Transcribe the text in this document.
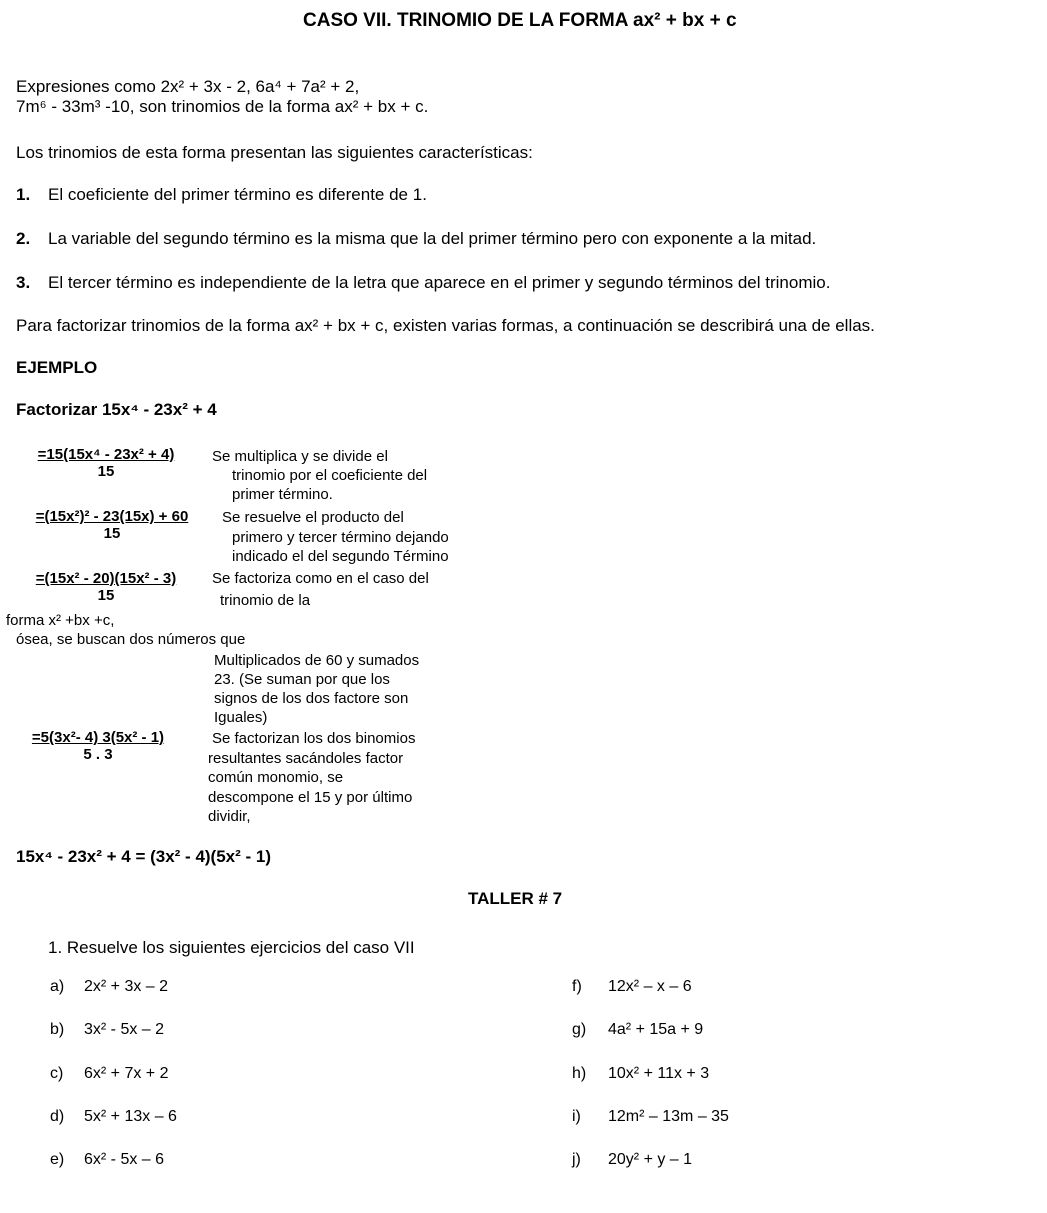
CASO VII. TRINOMIO DE LA FORMA ax² + bx + c
Expresiones como 2x² + 3x - 2, 6a⁴ + 7a² + 2,
7m⁶ - 33m³ -10, son trinomios de la forma ax² + bx + c.
Los trinomios de esta forma presentan las siguientes características:
1. El coeficiente del primer término es diferente de 1.
2. La variable del segundo término es la misma que la del primer término pero con exponente a la mitad.
3. El tercer término es independiente de la letra que aparece en el primer y segundo términos del trinomio.
Para factorizar trinomios de la forma ax² + bx + c, existen varias formas, a continuación se describirá una de ellas.
EJEMPLO
Factorizar 15x⁴ - 23x² + 4
$\frac{\text{=15(15x⁴ - 23x² + 4)}}{15}$ Se multiplica y se divide el
trinomio por el coeficiente del
primer término.
$\frac{\text{=(15x²)² - 23(15x) + 60}}{15}$ Se resuelve el producto del
primero y tercer término dejando
indicado el del segundo Término
$\frac{\text{=(15x² - 20)(15x² - 3)}}{15}$ Se factoriza como en el caso del
trinomio de la
forma x² +bx +c,
ósea, se buscan dos números que
Multiplicados de 60 y sumados
23. (Se suman por que los
signos de los dos factore son
Iguales)
$\frac{\text{=5(3x²- 4) 3(5x² - 1)}}{5 . 3}$ Se factorizan los dos binomios
resultantes sacándoles factor
común monomio, se
descompone el 15 y por último
dividir,
15x⁴ - 23x² + 4 = (3x² - 4)(5x² - 1)
TALLER # 7
1. Resuelve los siguientes ejercicios del caso VII
a) 2x² + 3x – 2
b) 3x² - 5x – 2
c) 6x² + 7x + 2
d) 5x² + 13x – 6
e) 6x² - 5x – 6
f) 12x² – x – 6
g) 4a² + 15a + 9
h) 10x² + 11x + 3
i) 12m² – 13m – 35
j) 20y² + y – 1
